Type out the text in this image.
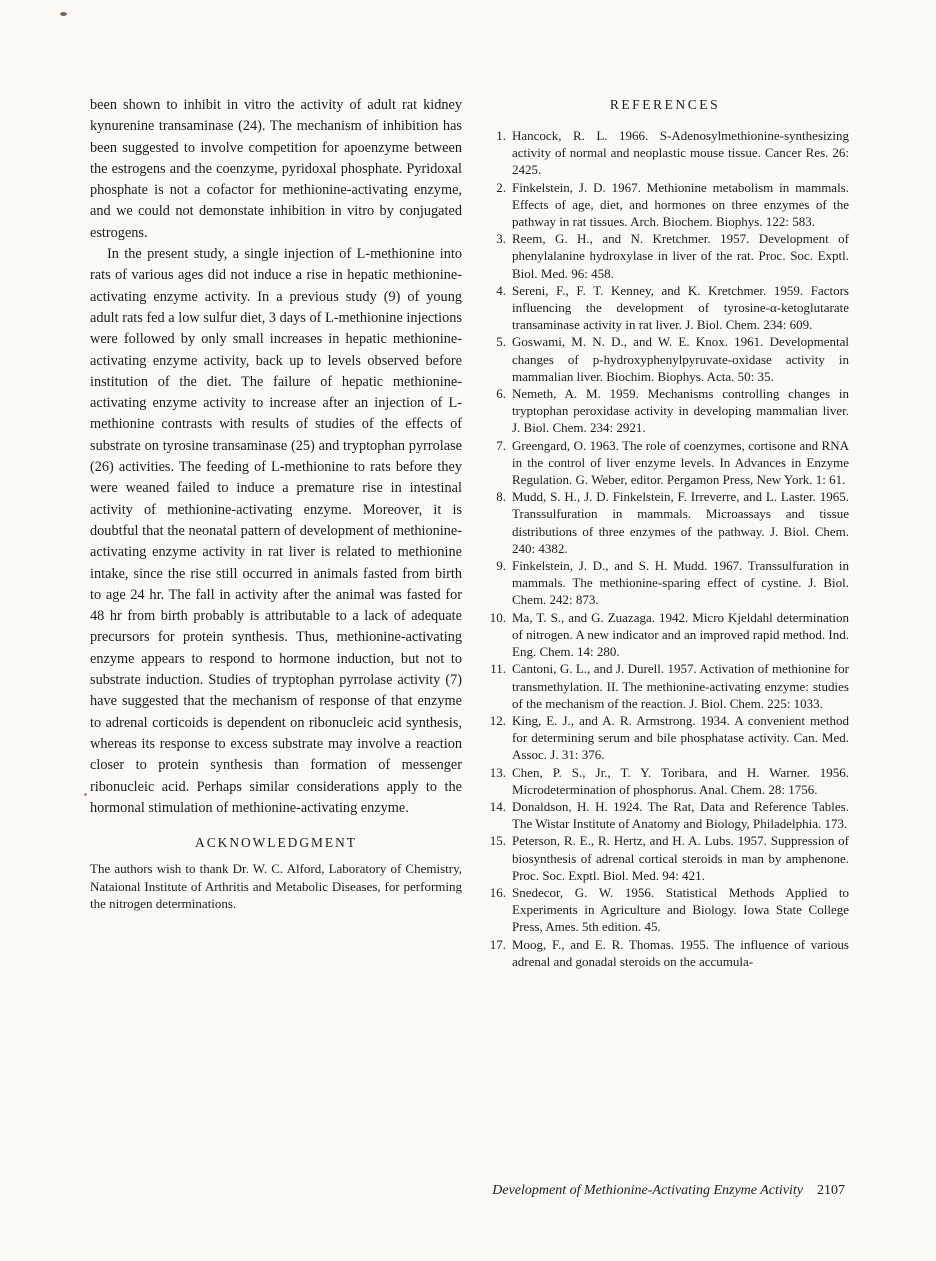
been shown to inhibit in vitro the activity of adult rat kidney kynurenine transaminase (24). The mechanism of inhibition has been suggested to involve competition for apoenzyme between the estrogens and the coenzyme, pyridoxal phosphate. Pyridoxal phosphate is not a cofactor for methionine-activating enzyme, and we could not demonstate inhibition in vitro by conjugated estrogens.

In the present study, a single injection of L-methionine into rats of various ages did not induce a rise in hepatic methionine-activating enzyme activity. In a previous study (9) of young adult rats fed a low sulfur diet, 3 days of L-methionine injections were followed by only small increases in hepatic methionine-activating enzyme activity, back up to levels observed before institution of the diet. The failure of hepatic methionine-activating enzyme activity to increase after an injection of L-methionine contrasts with results of studies of the effects of substrate on tyrosine transaminase (25) and tryptophan pyrrolase (26) activities. The feeding of L-methionine to rats before they were weaned failed to induce a premature rise in intestinal activity of methionine-activating enzyme. Moreover, it is doubtful that the neonatal pattern of development of methionine-activating enzyme activity in rat liver is related to methionine intake, since the rise still occurred in animals fasted from birth to age 24 hr. The fall in activity after the animal was fasted for 48 hr from birth probably is attributable to a lack of adequate precursors for protein synthesis. Thus, methionine-activating enzyme appears to respond to hormone induction, but not to substrate induction. Studies of tryptophan pyrrolase activity (7) have suggested that the mechanism of response of that enzyme to adrenal corticoids is dependent on ribonucleic acid synthesis, whereas its response to excess substrate may involve a reaction closer to protein synthesis than formation of messenger ribonucleic acid. Perhaps similar considerations apply to the hormonal stimulation of methionine-activating enzyme.

ACKNOWLEDGMENT

The authors wish to thank Dr. W. C. Alford, Laboratory of Chemistry, Nataional Institute of Arthritis and Metabolic Diseases, for performing the nitrogen determinations.

REFERENCES
1. Hancock, R. L. 1966. S-Adenosylmethionine-synthesizing activity of normal and neoplastic mouse tissue. Cancer Res. 26: 2425.
2. Finkelstein, J. D. 1967. Methionine metabolism in mammals. Effects of age, diet, and hormones on three enzymes of the pathway in rat tissues. Arch. Biochem. Biophys. 122: 583.
3. Reem, G. H., and N. Kretchmer. 1957. Development of phenylalanine hydroxylase in liver of the rat. Proc. Soc. Exptl. Biol. Med. 96: 458.
4. Sereni, F., F. T. Kenney, and K. Kretchmer. 1959. Factors influencing the development of tyrosine-α-ketoglutarate transaminase activity in rat liver. J. Biol. Chem. 234: 609.
5. Goswami, M. N. D., and W. E. Knox. 1961. Developmental changes of p-hydroxyphenylpyruvate-oxidase activity in mammalian liver. Biochim. Biophys. Acta. 50: 35.
6. Nemeth, A. M. 1959. Mechanisms controlling changes in tryptophan peroxidase activity in developing mammalian liver. J. Biol. Chem. 234: 2921.
7. Greengard, O. 1963. The role of coenzymes, cortisone and RNA in the control of liver enzyme levels. In Advances in Enzyme Regulation. G. Weber, editor. Pergamon Press, New York. 1: 61.
8. Mudd, S. H., J. D. Finkelstein, F. Irreverre, and L. Laster. 1965. Transsulfuration in mammals. Microassays and tissue distributions of three enzymes of the pathway. J. Biol. Chem. 240: 4382.
9. Finkelstein, J. D., and S. H. Mudd. 1967. Transsulfuration in mammals. The methionine-sparing effect of cystine. J. Biol. Chem. 242: 873.
10. Ma, T. S., and G. Zuazaga. 1942. Micro Kjeldahl determination of nitrogen. A new indicator and an improved rapid method. Ind. Eng. Chem. 14: 280.
11. Cantoni, G. L., and J. Durell. 1957. Activation of methionine for transmethylation. II. The methionine-activating enzyme: studies of the mechanism of the reaction. J. Biol. Chem. 225: 1033.
12. King, E. J., and A. R. Armstrong. 1934. A convenient method for determining serum and bile phosphatase activity. Can. Med. Assoc. J. 31: 376.
13. Chen, P. S., Jr., T. Y. Toribara, and H. Warner. 1956. Microdetermination of phosphorus. Anal. Chem. 28: 1756.
14. Donaldson, H. H. 1924. The Rat, Data and Reference Tables. The Wistar Institute of Anatomy and Biology, Philadelphia. 173.
15. Peterson, R. E., R. Hertz, and H. A. Lubs. 1957. Suppression of biosynthesis of adrenal cortical steroids in man by amphenone. Proc. Soc. Exptl. Biol. Med. 94: 421.
16. Snedecor, G. W. 1956. Statistical Methods Applied to Experiments in Agriculture and Biology. Iowa State College Press, Ames. 5th edition. 45.
17. Moog, F., and E. R. Thomas. 1955. The influence of various adrenal and gonadal steroids on the accumula-
Development of Methionine-Activating Enzyme Activity 2107
